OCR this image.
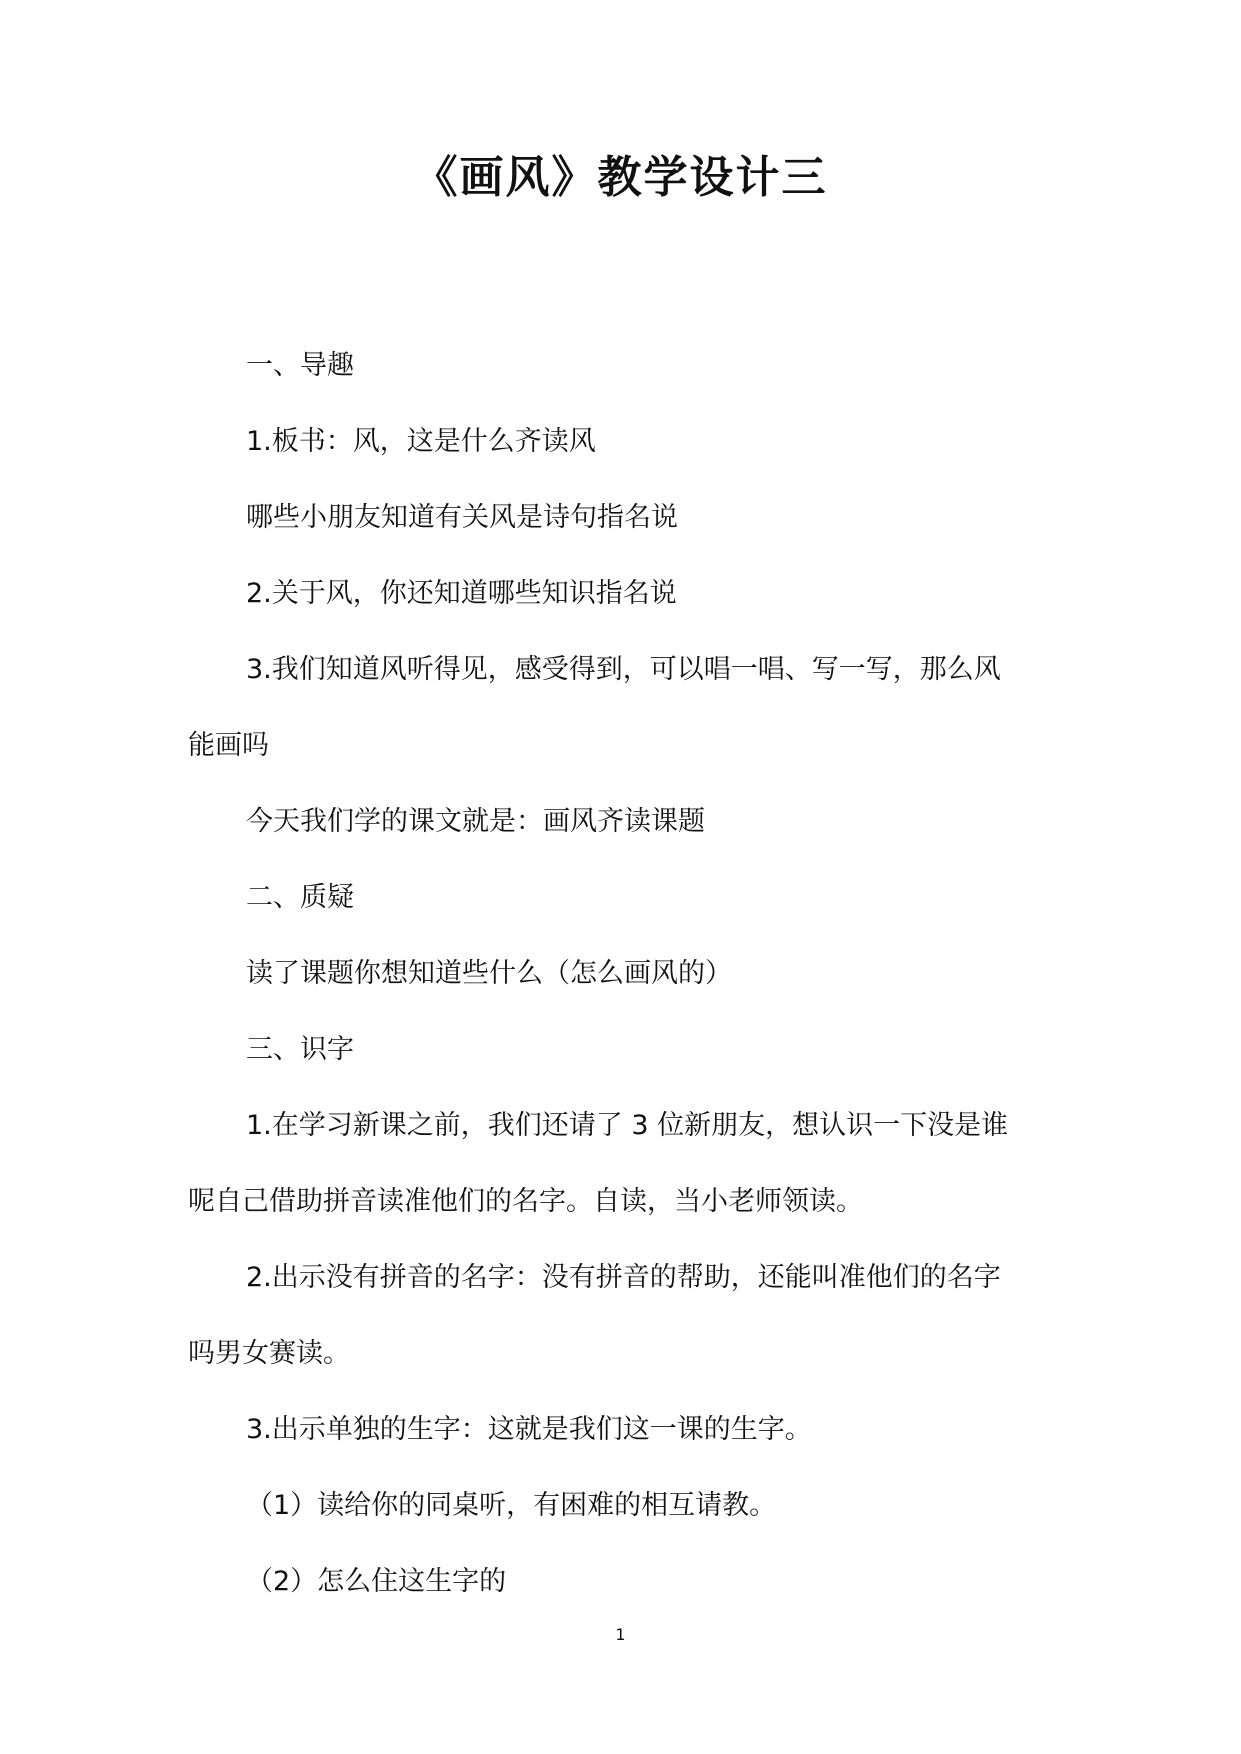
《画风》教学设计三
一、导趣
1.板书：风，这是什么齐读风
哪些小朋友知道有关风是诗句指名说
2.关于风，你还知道哪些知识指名说
3.我们知道风听得见，感受得到，可以唱一唱、写一写，那么风
能画吗
今天我们学的课文就是：画风齐读课题
二、质疑
读了课题你想知道些什么（怎么画风的）
三、识字
1.在学习新课之前，我们还请了 3 位新朋友，想认识一下没是谁
呢自己借助拼音读准他们的名字。自读，当小老师领读。
2.出示没有拼音的名字：没有拼音的帮助，还能叫准他们的名字
吗男女赛读。
3.出示单独的生字：这就是我们这一课的生字。
（1）读给你的同桌听，有困难的相互请教。
（2）怎么住这生字的
1
